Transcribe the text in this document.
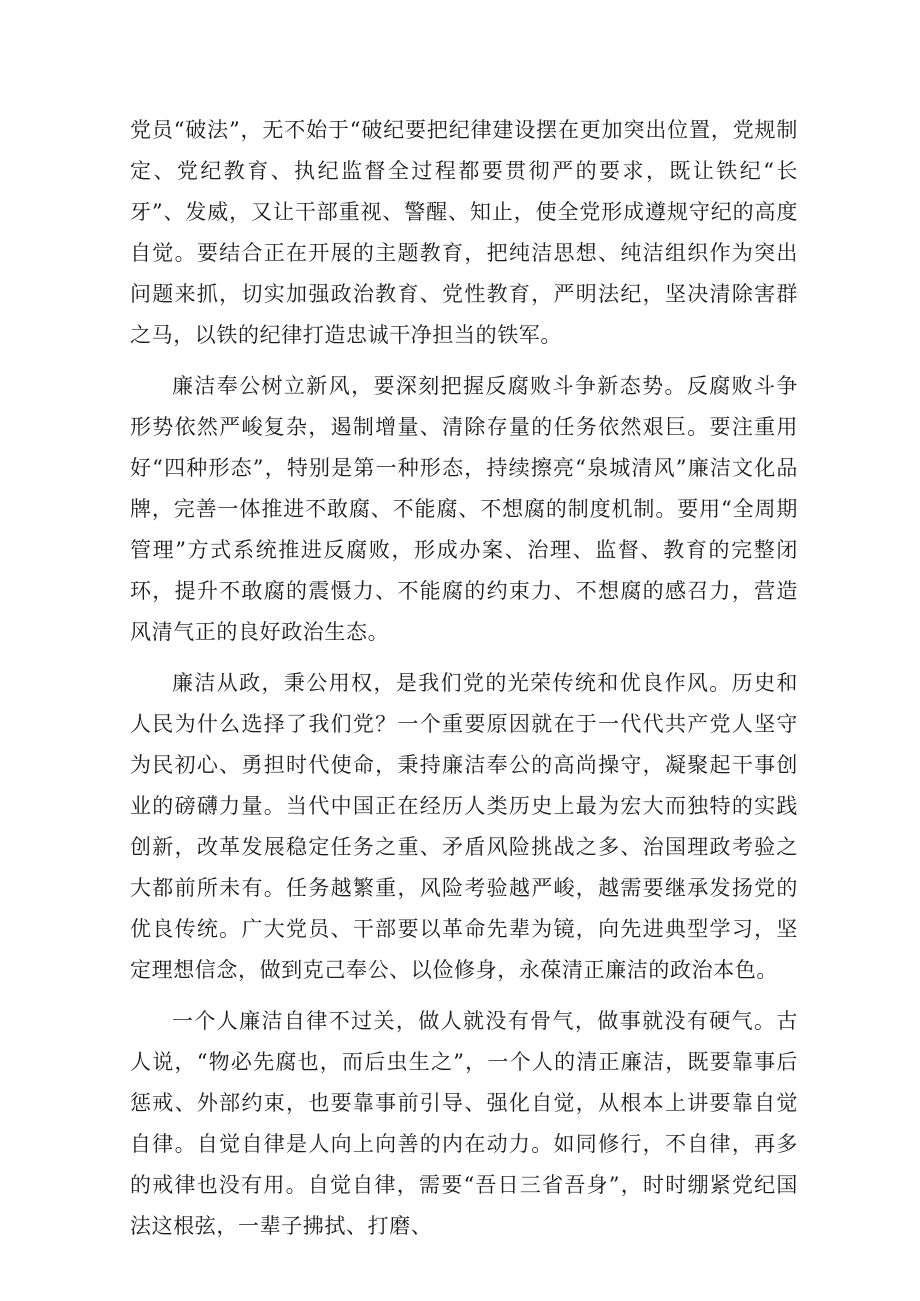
党员“破法”，无不始于“破纪要把纪律建设摆在更加突出位置，党规制定、党纪教育、执纪监督全过程都要贯彻严的要求，既让铁纪“长牙”、发威，又让干部重视、警醒、知止，使全党形成遵规守纪的高度自觉。要结合正在开展的主题教育，把纯洁思想、纯洁组织作为突出问题来抓，切实加强政治教育、党性教育，严明法纪，坚决清除害群之马，以铁的纪律打造忠诚干净担当的铁军。

廉洁奉公树立新风，要深刻把握反腐败斗争新态势。反腐败斗争形势依然严峻复杂，遏制增量、清除存量的任务依然艰巨。要注重用好“四种形态”，特别是第一种形态，持续擦亮“泉城清风”廉洁文化品牌，完善一体推进不敢腐、不能腐、不想腐的制度机制。要用“全周期管理”方式系统推进反腐败，形成办案、治理、监督、教育的完整闭环，提升不敢腐的震慑力、不能腐的约束力、不想腐的感召力，营造风清气正的良好政治生态。

廉洁从政，秉公用权，是我们党的光荣传统和优良作风。历史和人民为什么选择了我们党？一个重要原因就在于一代代共产党人坚守为民初心、勇担时代使命，秉持廉洁奉公的高尚操守，凝聚起干事创业的磅礴力量。当代中国正在经历人类历史上最为宏大而独特的实践创新，改革发展稳定任务之重、矛盾风险挑战之多、治国理政考验之大都前所未有。任务越繁重，风险考验越严峻，越需要继承发扬党的优良传统。广大党员、干部要以革命先辈为镜，向先进典型学习，坚定理想信念，做到克己奉公、以俭修身，永葆清正廉洁的政治本色。

一个人廉洁自律不过关，做人就没有骨气，做事就没有硬气。古人说，“物必先腐也，而后虫生之”，一个人的清正廉洁，既要靠事后惩戒、外部约束，也要靠事前引导、强化自觉，从根本上讲要靠自觉自律。自觉自律是人向上向善的内在动力。如同修行，不自律，再多的戒律也没有用。自觉自律，需要“吾日三省吾身”，时时绷紧党纪国法这根弦，一辈子拂拭、打磨、
